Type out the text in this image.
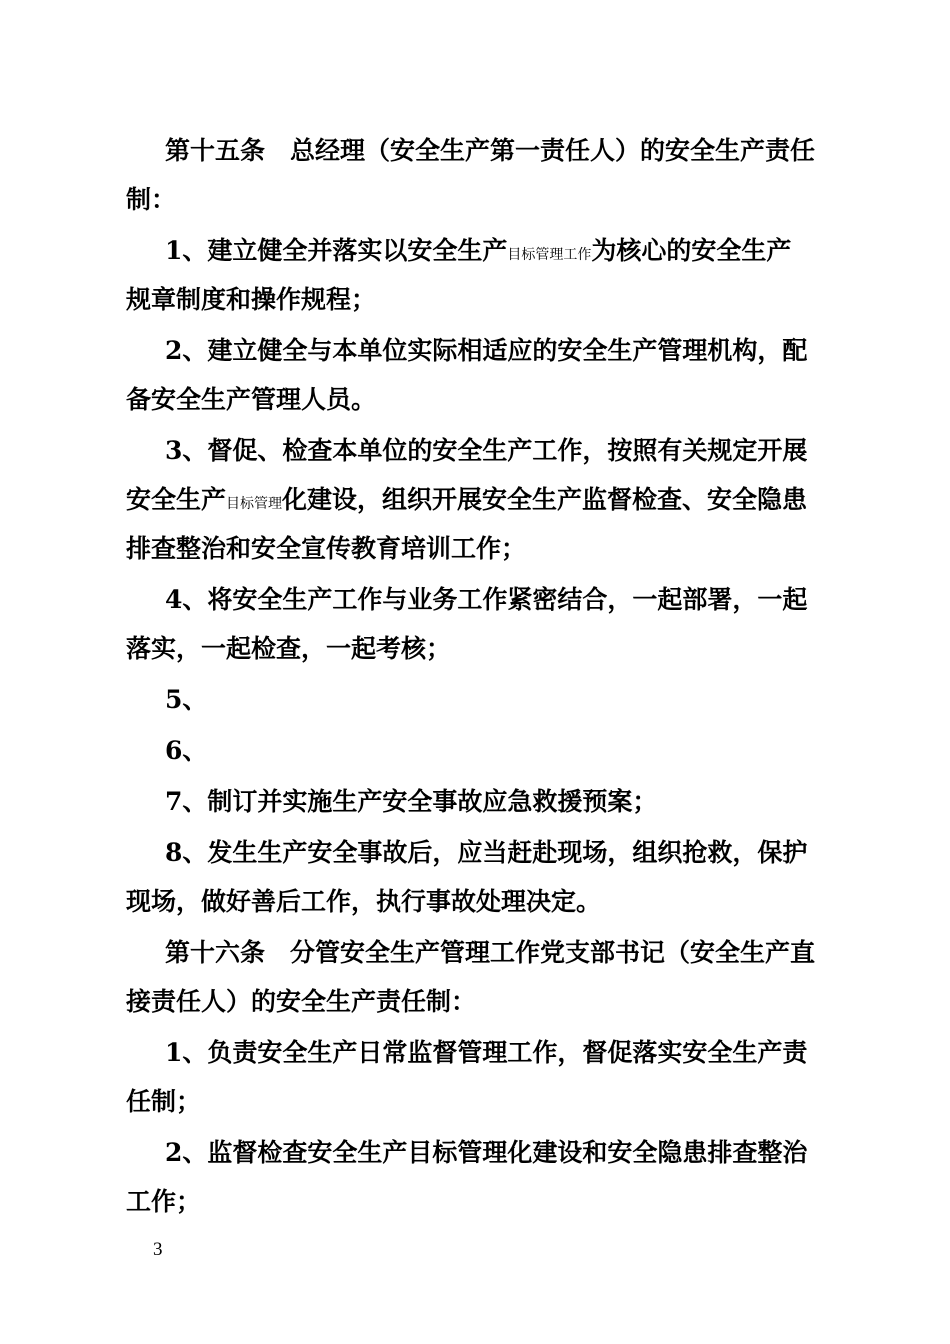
第十五条　总经理（安全生产第一责任人）的安全生产责任
制：
1、建立健全并落实以安全生产目标管理工作为核心的安全生产
规章制度和操作规程；
2、建立健全与本单位实际相适应的安全生产管理机构，配
备安全生产管理人员。
3、督促、检查本单位的安全生产工作，按照有关规定开展
安全生产目标管理化建设，组织开展安全生产监督检查、安全隐患
排查整治和安全宣传教育培训工作；
4、将安全生产工作与业务工作紧密结合，一起部署，一起
落实，一起检查，一起考核；
5、
6、
7、制订并实施生产安全事故应急救援预案；
8、发生生产安全事故后，应当赶赴现场，组织抢救，保护
现场，做好善后工作，执行事故处理决定。
第十六条　分管安全生产管理工作党支部书记（安全生产直
接责任人）的安全生产责任制：
1、负责安全生产日常监督管理工作，督促落实安全生产责
任制；
2、监督检查安全生产目标管理化建设和安全隐患排查整治
工作；
3
